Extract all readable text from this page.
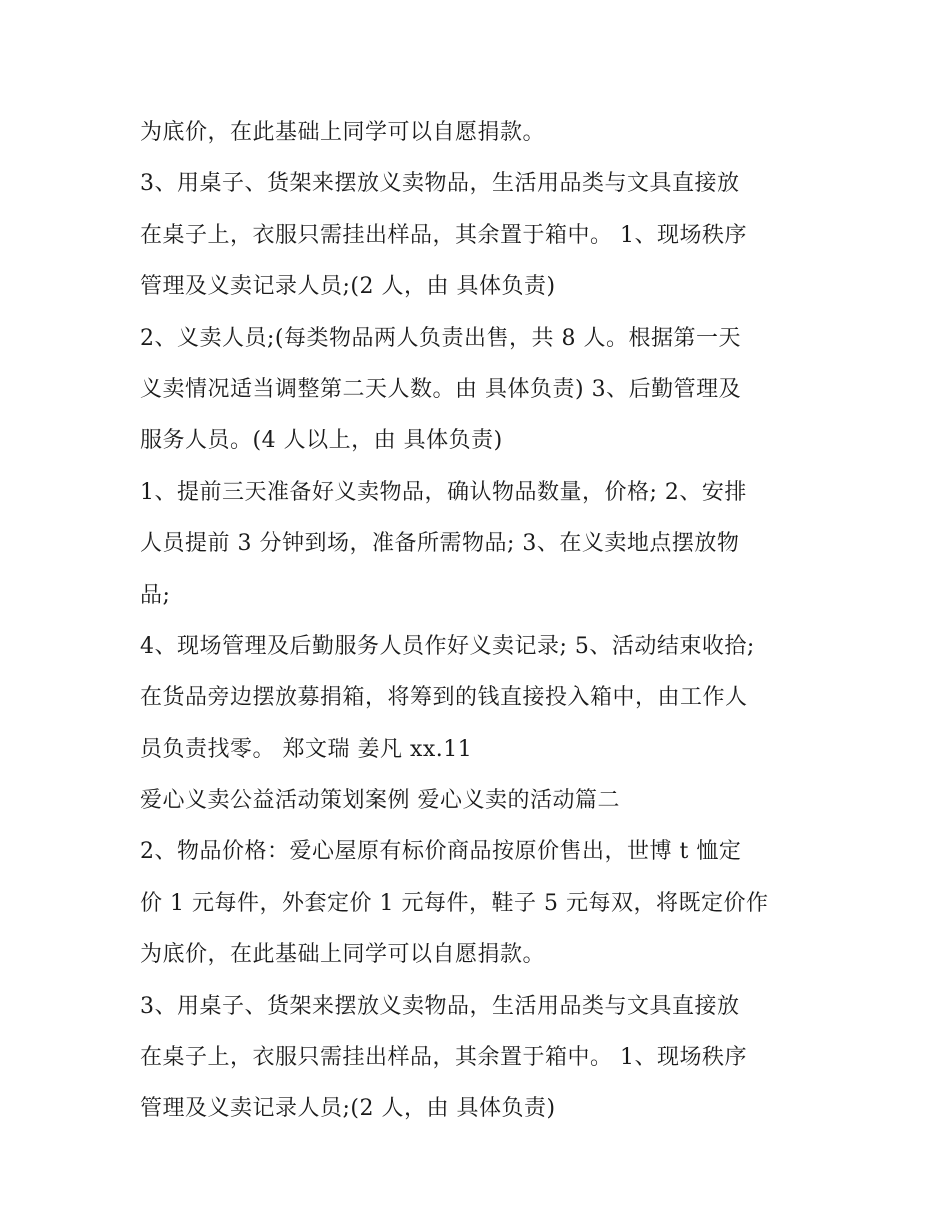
为底价，在此基础上同学可以自愿捐款。
3、用桌子、货架来摆放义卖物品，生活用品类与文具直接放
在桌子上，衣服只需挂出样品，其余置于箱中。 1、现场秩序
管理及义卖记录人员;(2 人，由 具体负责)
2、义卖人员;(每类物品两人负责出售，共 8 人。根据第一天
义卖情况适当调整第二天人数。由 具体负责) 3、后勤管理及
服务人员。(4 人以上，由 具体负责)
1、提前三天准备好义卖物品，确认物品数量，价格; 2、安排
人员提前 3 分钟到场，准备所需物品; 3、在义卖地点摆放物
品;
4、现场管理及后勤服务人员作好义卖记录; 5、活动结束收拾;
在货品旁边摆放募捐箱，将筹到的钱直接投入箱中，由工作人
员负责找零。 郑文瑞 姜凡 xx.11
爱心义卖公益活动策划案例 爱心义卖的活动篇二
2、物品价格：爱心屋原有标价商品按原价售出，世博 t 恤定
价 1 元每件，外套定价 1 元每件，鞋子 5 元每双，将既定价作
为底价，在此基础上同学可以自愿捐款。
3、用桌子、货架来摆放义卖物品，生活用品类与文具直接放
在桌子上，衣服只需挂出样品，其余置于箱中。 1、现场秩序
管理及义卖记录人员;(2 人，由 具体负责)
